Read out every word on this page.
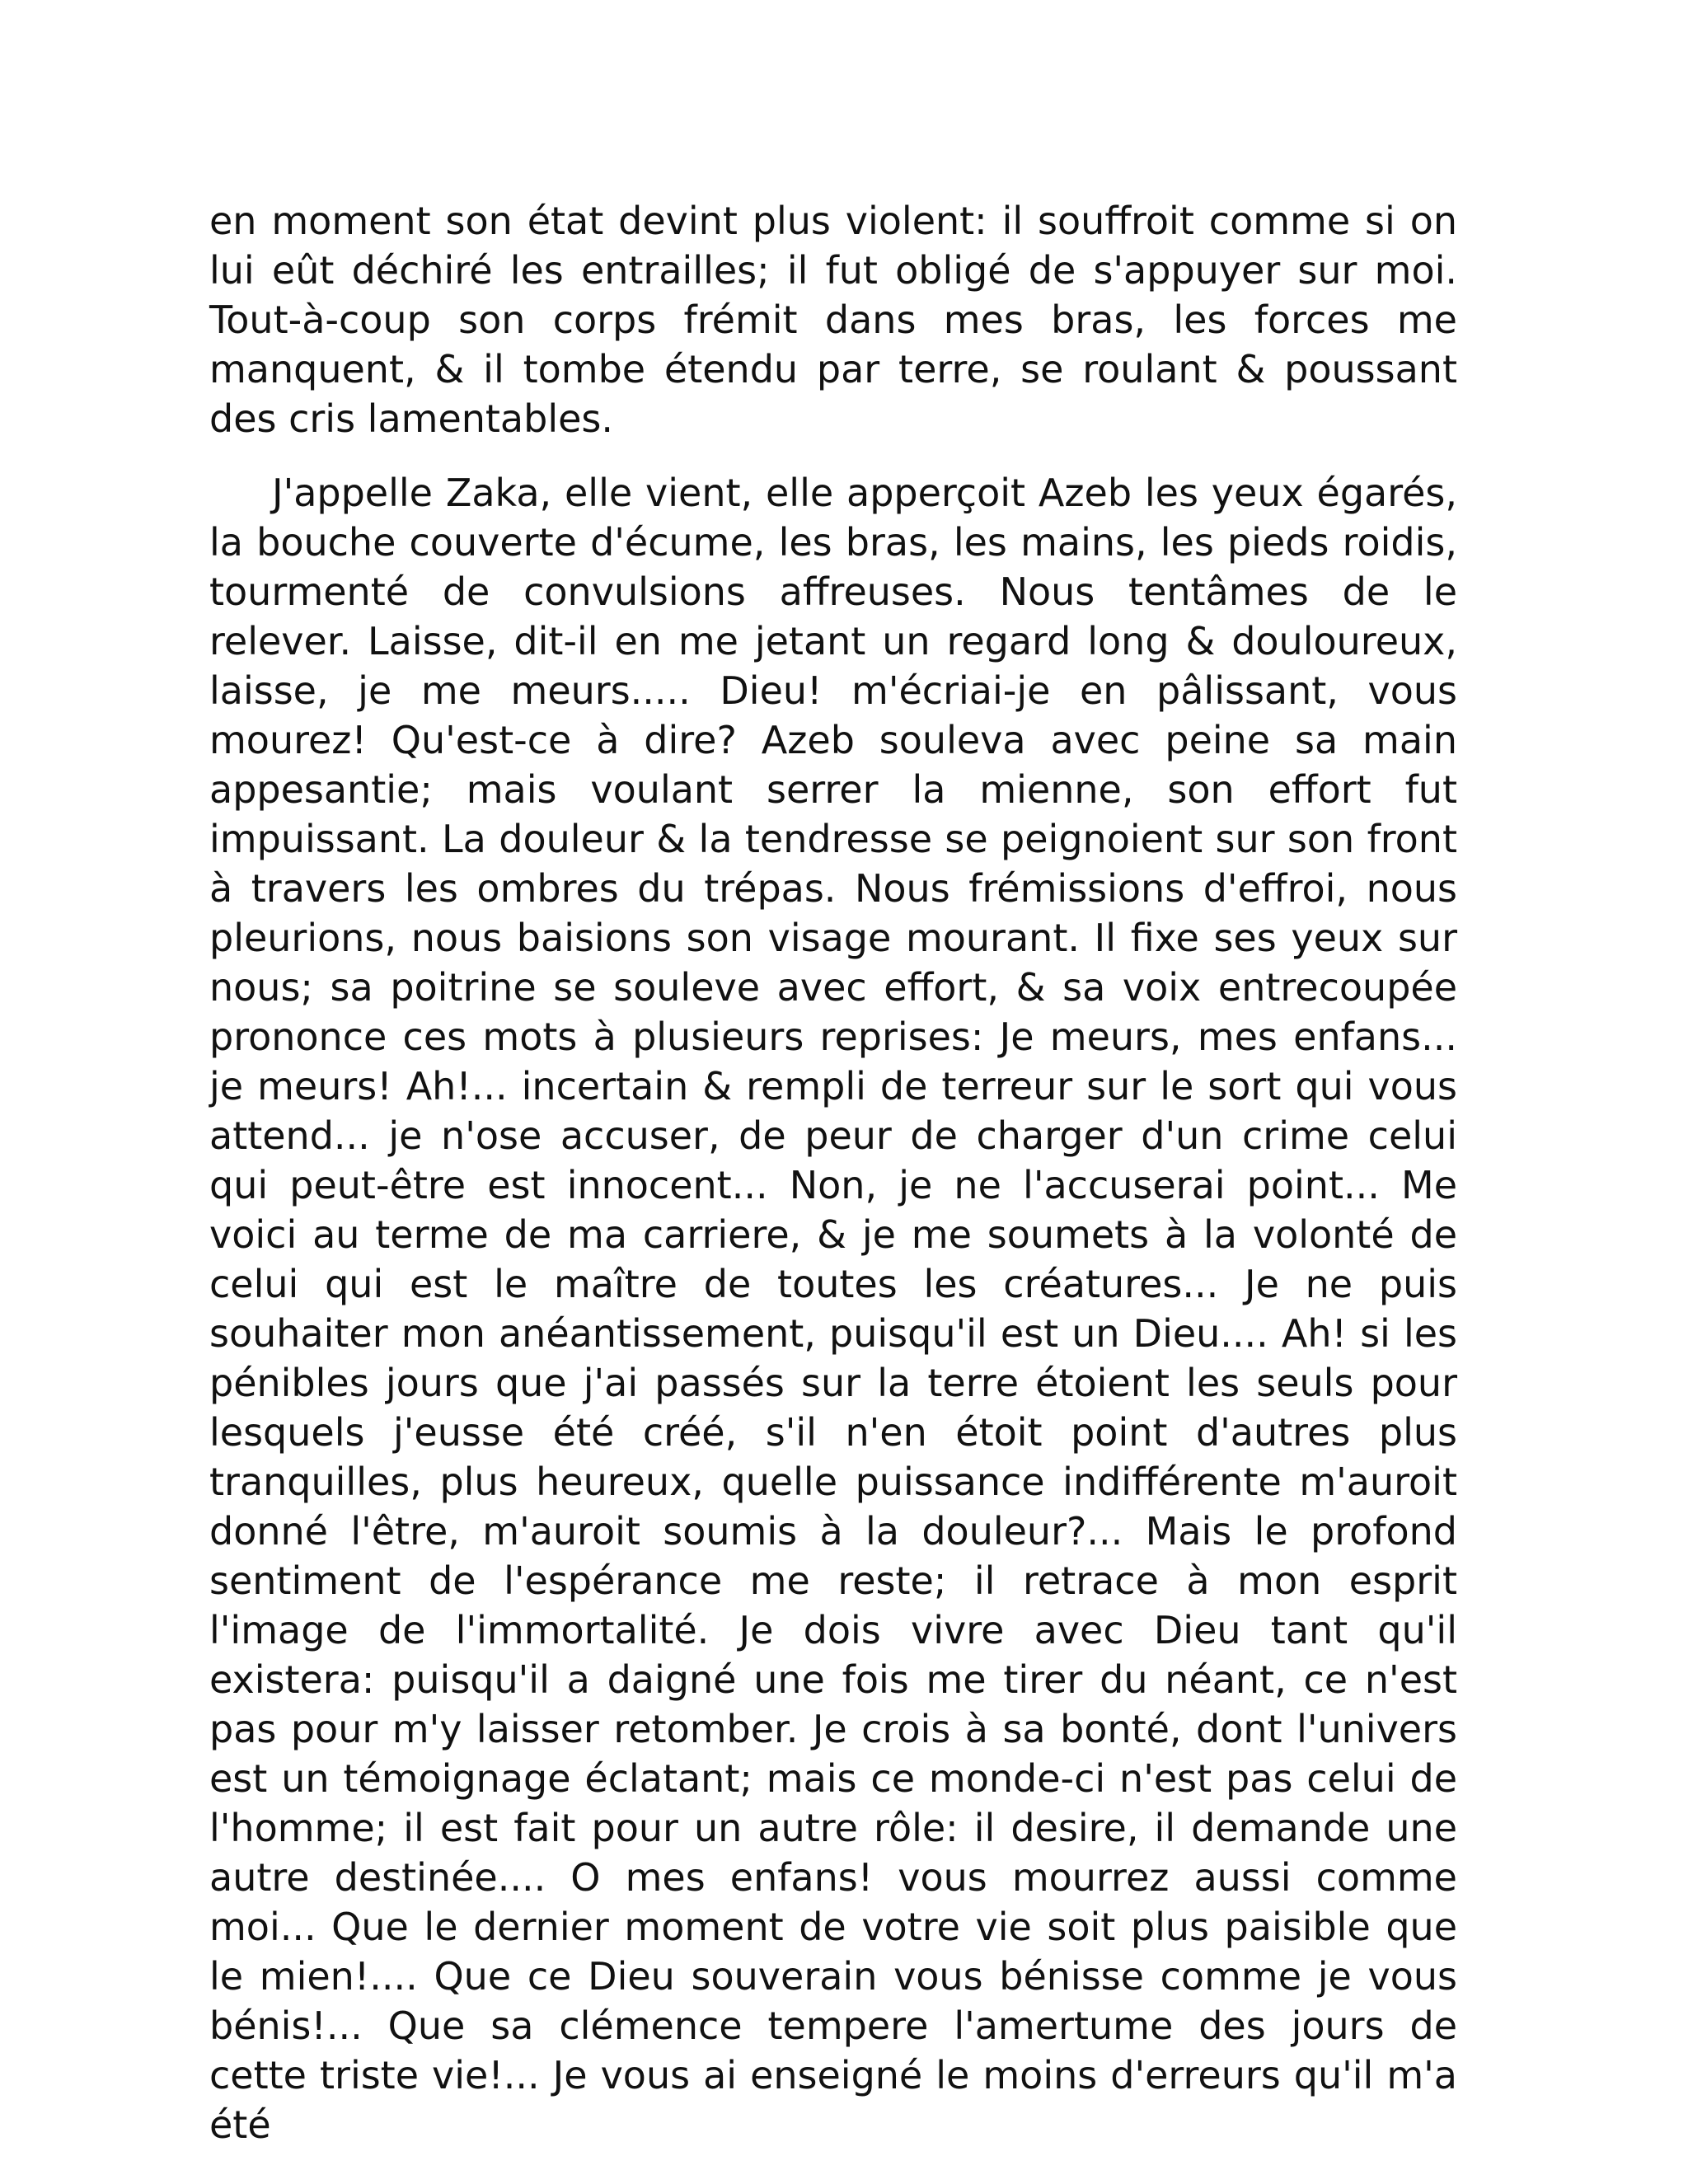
en moment son état devint plus violent: il souffroit comme si on lui eût déchiré les entrailles; il fut obligé de s'appuyer sur moi. Tout-à-coup son corps frémit dans mes bras, les forces me manquent, & il tombe étendu par terre, se roulant & poussant des cris lamentables.

J'appelle Zaka, elle vient, elle apperçoit Azeb les yeux égarés, la bouche couverte d'écume, les bras, les mains, les pieds roidis, tourmenté de convulsions affreuses. Nous tentâmes de le relever. Laisse, dit-il en me jetant un regard long & douloureux, laisse, je me meurs..... Dieu! m'écriai-je en pâlissant, vous mourez! Qu'est-ce à dire? Azeb souleva avec peine sa main appesantie; mais voulant serrer la mienne, son effort fut impuissant. La douleur & la tendresse se peignoient sur son front à travers les ombres du trépas. Nous frémissions d'effroi, nous pleurions, nous baisions son visage mourant. Il fixe ses yeux sur nous; sa poitrine se souleve avec effort, & sa voix entrecoupée prononce ces mots à plusieurs reprises: Je meurs, mes enfans... je meurs! Ah!... incertain & rempli de terreur sur le sort qui vous attend... je n'ose accuser, de peur de charger d'un crime celui qui peut-être est innocent... Non, je ne l'accuserai point... Me voici au terme de ma carriere, & je me soumets à la volonté de celui qui est le maître de toutes les créatures... Je ne puis souhaiter mon anéantissement, puisqu'il est un Dieu.... Ah! si les pénibles jours que j'ai passés sur la terre étoient les seuls pour lesquels j'eusse été créé, s'il n'en étoit point d'autres plus tranquilles, plus heureux, quelle puissance indifférente m'auroit donné l'être, m'auroit soumis à la douleur?... Mais le profond sentiment de l'espérance me reste; il retrace à mon esprit l'image de l'immortalité. Je dois vivre avec Dieu tant qu'il existera: puisqu'il a daigné une fois me tirer du néant, ce n'est pas pour m'y laisser retomber. Je crois à sa bonté, dont l'univers est un témoignage éclatant; mais ce monde-ci n'est pas celui de l'homme; il est fait pour un autre rôle: il desire, il demande une autre destinée.... O mes enfans! vous mourrez aussi comme moi... Que le dernier moment de votre vie soit plus paisible que le mien!.... Que ce Dieu souverain vous bénisse comme je vous bénis!... Que sa clémence tempere l'amertume des jours de cette triste vie!... Je vous ai enseigné le moins d'erreurs qu'il m'a été
